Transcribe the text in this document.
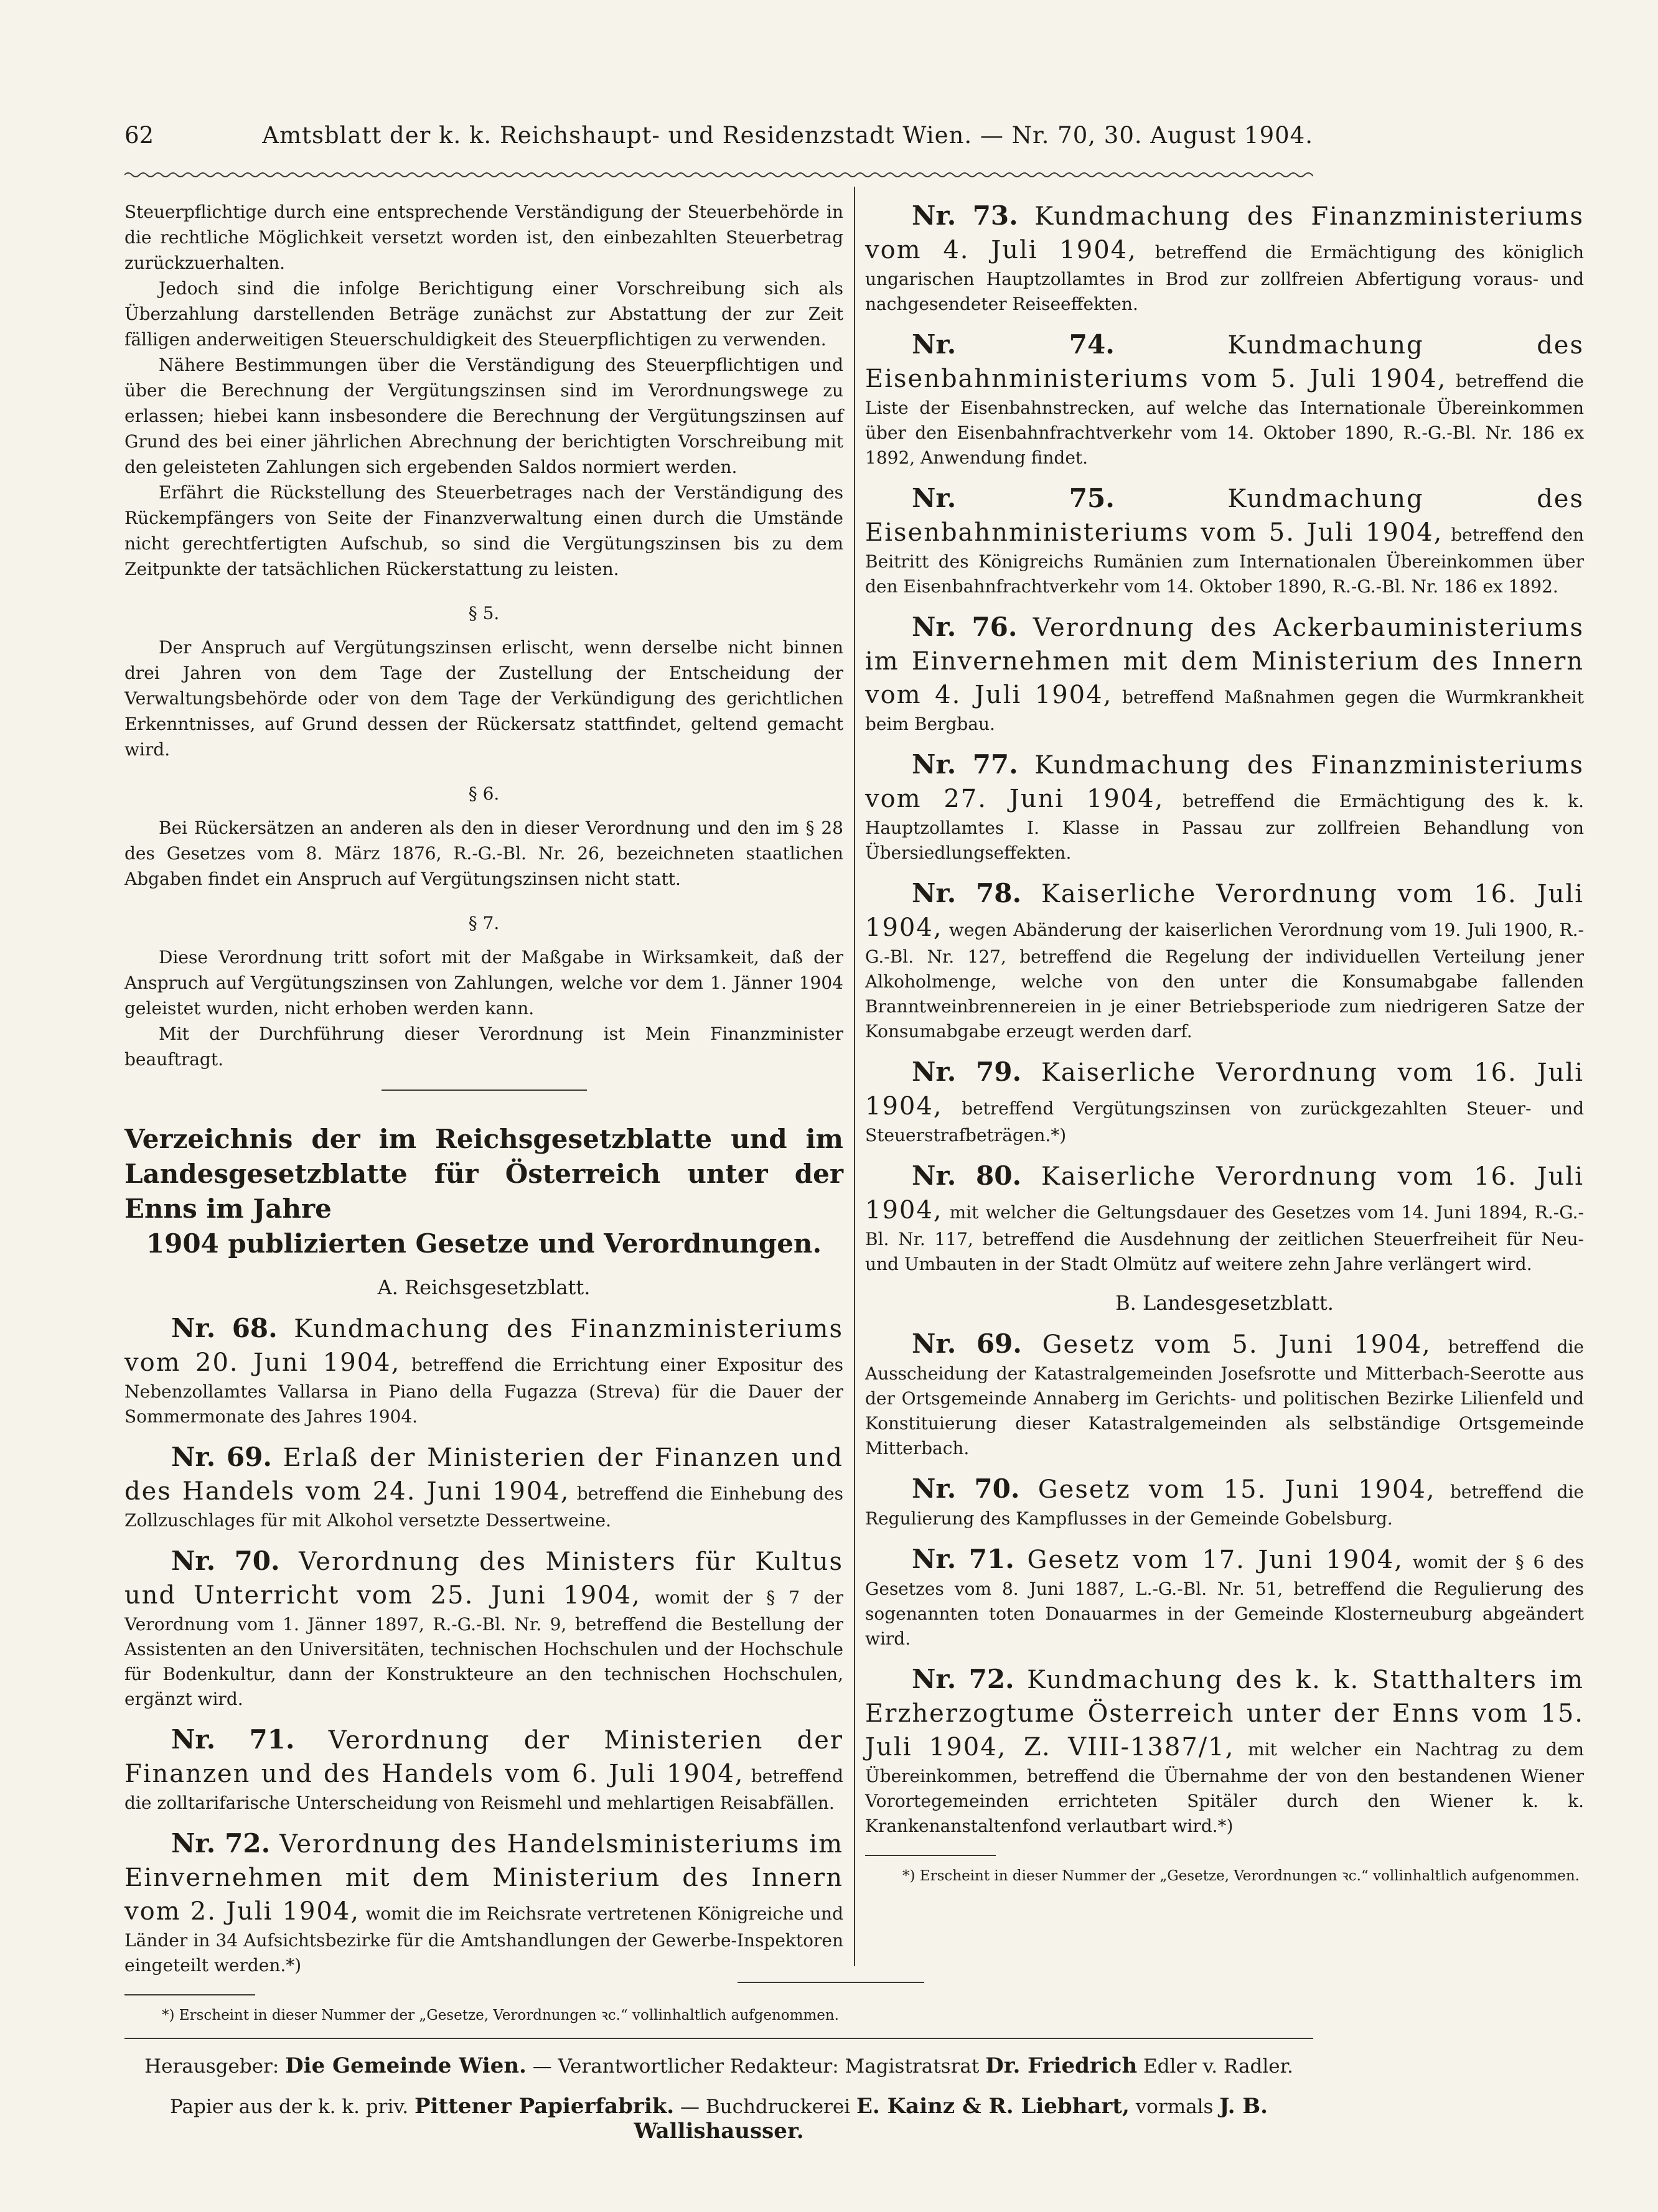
62	Amtsblatt der k. k. Reichshaupt- und Residenzstadt Wien. — Nr. 70, 30. August 1904.

Steuerpflichtige durch eine entsprechende Verständigung der Steuerbehörde in die rechtliche Möglichkeit versetzt worden ist, den einbezahlten Steuerbetrag zurückzuerhalten.

Jedoch sind die infolge Berichtigung einer Vorschreibung sich als Überzahlung darstellenden Beträge zunächst zur Abstattung der zur Zeit fälligen anderweitigen Steuerschuldigkeit des Steuerpflichtigen zu verwenden.

Nähere Bestimmungen über die Verständigung des Steuerpflichtigen und über die Berechnung der Vergütungszinsen sind im Verordnungswege zu erlassen; hiebei kann insbesondere die Berechnung der Vergütungszinsen auf Grund des bei einer jährlichen Abrechnung der berichtigten Vorschreibung mit den geleisteten Zahlungen sich ergebenden Saldos normiert werden.

Erfährt die Rückstellung des Steuerbetrages nach der Verständigung des Rückempfängers von Seite der Finanzverwaltung einen durch die Umstände nicht gerechtfertigten Aufschub, so sind die Vergütungszinsen bis zu dem Zeitpunkte der tatsächlichen Rückerstattung zu leisten.

§ 5.

Der Anspruch auf Vergütungszinsen erlischt, wenn derselbe nicht binnen drei Jahren von dem Tage der Zustellung der Entscheidung der Verwaltungsbehörde oder von dem Tage der Verkündigung des gerichtlichen Erkenntnisses, auf Grund dessen der Rückersatz stattfindet, geltend gemacht wird.

§ 6.

Bei Rückersätzen an anderen als den in dieser Verordnung und den im § 28 des Gesetzes vom 8. März 1876, R.-G.-Bl. Nr. 26, bezeichneten staatlichen Abgaben findet ein Anspruch auf Vergütungszinsen nicht statt.

§ 7.

Diese Verordnung tritt sofort mit der Maßgabe in Wirksamkeit, daß der Anspruch auf Vergütungszinsen von Zahlungen, welche vor dem 1. Jänner 1904 geleistet wurden, nicht erhoben werden kann.

Mit der Durchführung dieser Verordnung ist Mein Finanzminister beauftragt.

Verzeichnis der im Reichsgesetzblatte und im Landesgesetzblatte für Österreich unter der Enns im Jahre
1904 publizierten Gesetze und Verordnungen.
A. Reichsgesetzblatt.
Nr. 68. Kundmachung des Finanzministeriums vom 20. Juni 1904, betreffend die Errichtung einer Expositur des Nebenzollamtes Vallarsa in Piano della Fugazza (Streva) für die Dauer der Sommermonate des Jahres 1904.
Nr. 69. Erlaß der Ministerien der Finanzen und des Handels vom 24. Juni 1904, betreffend die Einhebung des Zollzuschlages für mit Alkohol versetzte Dessertweine.
Nr. 70. Verordnung des Ministers für Kultus und Unterricht vom 25. Juni 1904, womit der § 7 der Verordnung vom 1. Jänner 1897, R.-G.-Bl. Nr. 9, betreffend die Bestellung der Assistenten an den Universitäten, technischen Hochschulen und der Hochschule für Bodenkultur, dann der Konstrukteure an den technischen Hochschulen, ergänzt wird.
Nr. 71. Verordnung der Ministerien der Finanzen und des Handels vom 6. Juli 1904, betreffend die zolltarifarische Unterscheidung von Reismehl und mehlartigen Reisabfällen.
Nr. 72. Verordnung des Handelsministeriums im Einvernehmen mit dem Ministerium des Innern vom 2. Juli 1904, womit die im Reichsrate vertretenen Königreiche und Länder in 34 Aufsichtsbezirke für die Amtshandlungen der Gewerbe-Inspektoren eingeteilt werden.*)
*) Erscheint in dieser Nummer der „Gesetze, Verordnungen ꝛc.“ vollinhaltlich aufgenommen.
Nr. 73. Kundmachung des Finanzministeriums vom 4. Juli 1904, betreffend die Ermächtigung des königlich ungarischen Hauptzollamtes in Brod zur zollfreien Abfertigung voraus- und nachgesendeter Reiseeffekten.
Nr. 74.	Kundmachung des Eisenbahnministeriums vom 5. Juli 1904, betreffend die Liste der Eisenbahnstrecken, auf welche das Internationale Übereinkommen über den Eisenbahnfrachtverkehr vom 14. Oktober 1890, R.-G.-Bl. Nr. 186 ex 1892, Anwendung findet.
Nr. 75.	Kundmachung des Eisenbahnministeriums vom 5. Juli 1904, betreffend den Beitritt des Königreichs Rumänien zum Internationalen Übereinkommen über den Eisenbahnfrachtverkehr vom 14. Oktober 1890, R.-G.-Bl. Nr. 186 ex 1892.
Nr. 76. Verordnung des Ackerbauministeriums im Einvernehmen mit dem Ministerium des Innern vom 4. Juli 1904, betreffend Maßnahmen gegen die Wurmkrankheit beim Bergbau.
Nr. 77. Kundmachung des Finanzministeriums vom 27. Juni 1904, betreffend die Ermächtigung des k. k. Hauptzollamtes I. Klasse in Passau zur zollfreien Behandlung von Übersiedlungseffekten.
Nr. 78. Kaiserliche Verordnung vom 16. Juli 1904, wegen Abänderung der kaiserlichen Verordnung vom 19. Juli 1900, R.-G.-Bl. Nr. 127, betreffend die Regelung der individuellen Verteilung jener Alkoholmenge, welche von den unter die Konsumabgabe fallenden Branntweinbrennereien in je einer Betriebsperiode zum niedrigeren Satze der Konsumabgabe erzeugt werden darf.
Nr. 79. Kaiserliche Verordnung vom 16. Juli 1904, betreffend Vergütungszinsen von zurückgezahlten Steuer- und Steuerstrafbeträgen.*)
Nr. 80. Kaiserliche Verordnung vom 16. Juli 1904, mit welcher die Geltungsdauer des Gesetzes vom 14. Juni 1894, R.-G.-Bl. Nr. 117, betreffend die Ausdehnung der zeitlichen Steuerfreiheit für Neu- und Umbauten in der Stadt Olmütz auf weitere zehn Jahre verlängert wird.
B. Landesgesetzblatt.
Nr. 69. Gesetz vom 5. Juni 1904, betreffend die Ausscheidung der Katastralgemeinden Josefsrotte und Mitterbach-Seerotte aus der Ortsgemeinde Annaberg im Gerichts- und politischen Bezirke Lilienfeld und Konstituierung dieser Katastralgemeinden als selbständige Ortsgemeinde Mitterbach.
Nr. 70. Gesetz vom 15. Juni 1904, betreffend die Regulierung des Kampflusses in der Gemeinde Gobelsburg.
Nr. 71. Gesetz vom 17. Juni 1904, womit der § 6 des Gesetzes vom 8. Juni 1887, L.-G.-Bl. Nr. 51, betreffend die Regulierung des sogenannten toten Donauarmes in der Gemeinde Klosterneuburg abgeändert wird.
Nr. 72. Kundmachung des k. k. Statthalters im Erzherzogtume Österreich unter der Enns vom 15. Juli 1904, Z. VIII-1387/1, mit welcher ein Nachtrag zu dem Übereinkommen, betreffend die Übernahme der von den bestandenen Wiener Vorortegemeinden errichteten Spitäler durch den Wiener k. k. Krankenanstaltenfond verlautbart wird.*)
*) Erscheint in dieser Nummer der „Gesetze, Verordnungen ꝛc.“ vollinhaltlich aufgenommen.
Herausgeber: Die Gemeinde Wien. — Verantwortlicher Redakteur: Magistratsrat Dr. Friedrich Edler v. Radler.
Papier aus der k. k. priv. Pittener Papierfabrik. — Buchdruckerei E. Kainz & R. Liebhart, vormals J. B. Wallishausser.
